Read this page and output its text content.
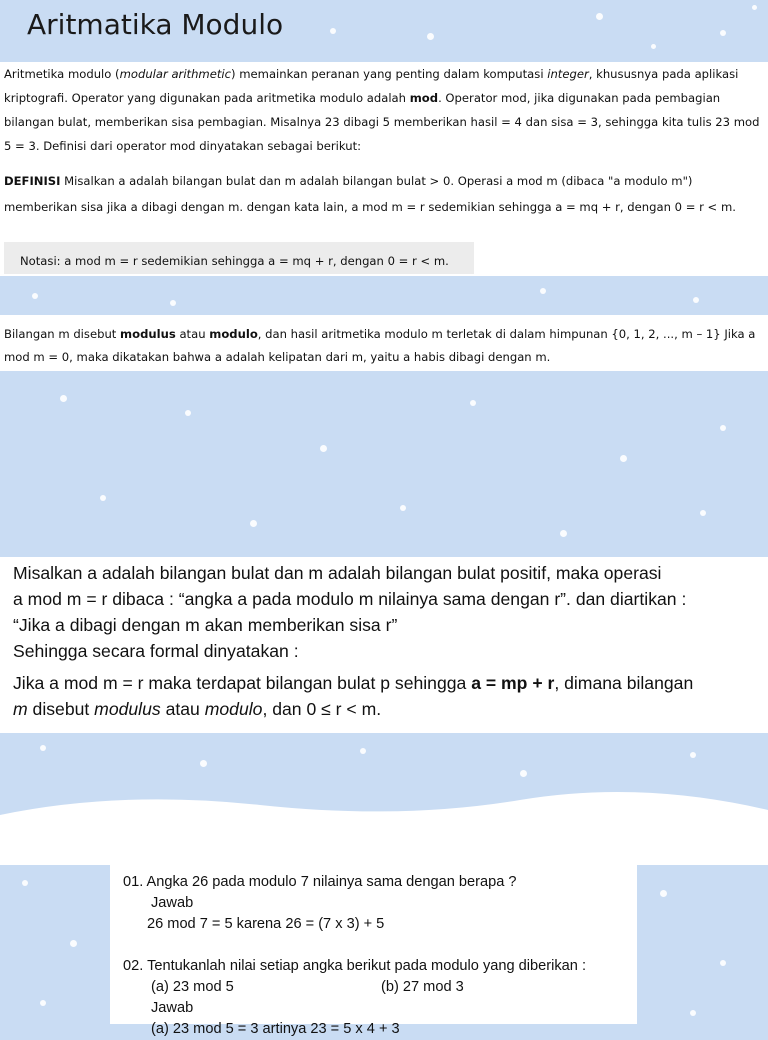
Aritmatika Modulo

Aritmetika modulo (modular arithmetic) memainkan peranan yang penting dalam komputasi integer, khususnya pada aplikasi
kriptografi. Operator yang digunakan pada aritmetika modulo adalah mod. Operator mod, jika digunakan pada pembagian
bilangan bulat, memberikan sisa pembagian. Misalnya 23 dibagi 5 memberikan hasil = 4 dan sisa = 3, sehingga kita tulis 23 mod
5 = 3. Definisi dari operator mod dinyatakan sebagai berikut:

DEFINISI Misalkan a adalah bilangan bulat dan m adalah bilangan bulat > 0. Operasi a mod m (dibaca "a modulo m")
memberikan sisa jika a dibagi dengan m. dengan kata lain, a mod m = r sedemikian sehingga a = mq + r, dengan 0 = r < m.

Notasi: a mod m = r sedemikian sehingga a = mq + r, dengan 0 = r < m.

Bilangan m disebut modulus atau modulo, dan hasil aritmetika modulo m terletak di dalam himpunan {0, 1, 2, ..., m – 1} Jika a
mod m = 0, maka dikatakan bahwa a adalah kelipatan dari m, yaitu a habis dibagi dengan m.

Misalkan a adalah bilangan bulat dan m adalah bilangan bulat positif, maka operasi

a mod m = r dibaca : “angka a pada modulo m nilainya sama dengan r”. dan diartikan :

“Jika a dibagi dengan m akan memberikan sisa r”

Sehingga secara formal dinyatakan :

Jika a mod m = r maka terdapat bilangan bulat p sehingga a = mp + r, dimana bilangan

m disebut modulus atau modulo, dan 0 ≤ r < m.

01. Angka 26 pada modulo 7 nilainya sama dengan berapa ?

Jawab

26 mod 7 = 5 karena 26 = (7 x 3) + 5

02. Tentukanlah nilai setiap angka berikut pada modulo yang diberikan :

(a) 23 mod 5	(b) 27 mod 3

Jawab

(a) 23 mod 5 = 3 artinya 23 = 5 x 4 + 3
